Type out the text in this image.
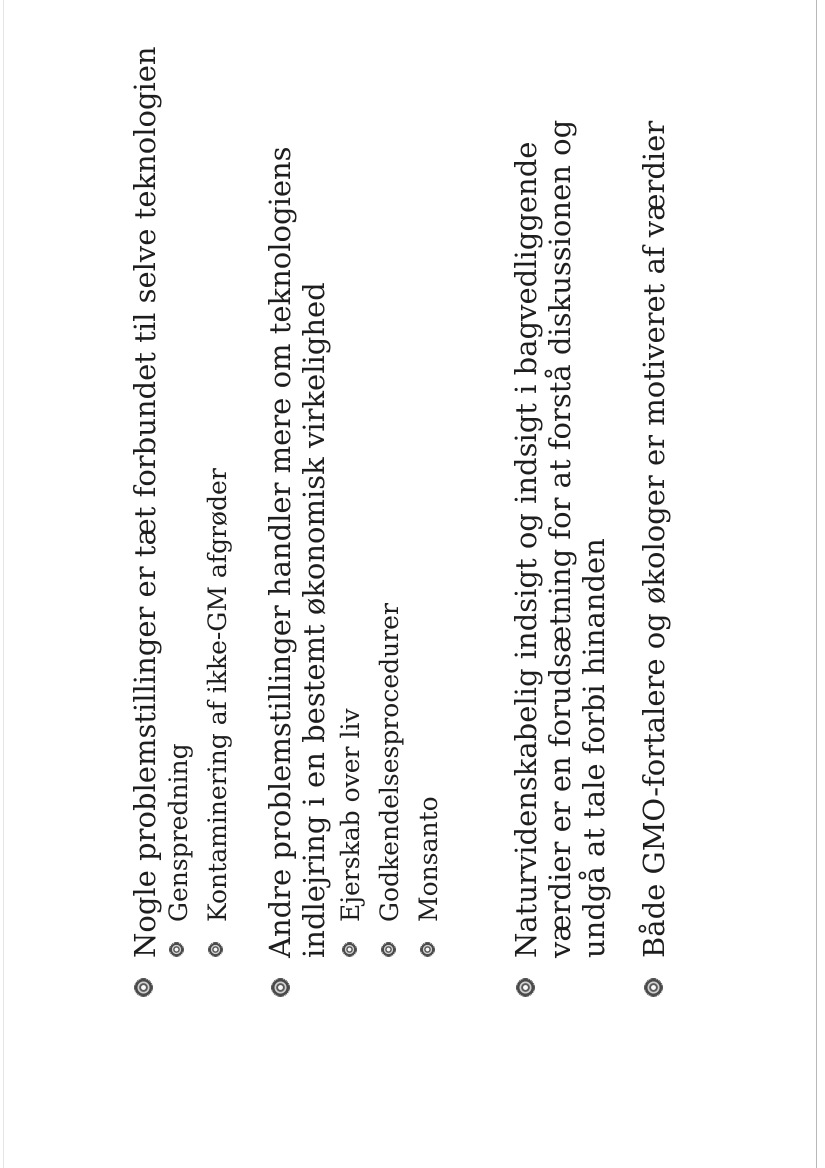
Nogle problemstillinger er tæt forbundet til selve teknologien Genspredning Kontaminering af ikke-GM afgrøder Andre problemstillinger handler mere om teknologiens indlejring i en bestemt økonomisk virkelighed Ejerskab over liv Godkendelsesprocedurer Monsanto Naturvidenskabelig indsigt og indsigt i bagvedliggende værdier er en forudsætning for at forstå diskussionen og undgå at tale forbi hinanden Både GMO-fortalere og økologer er motiveret af værdier
